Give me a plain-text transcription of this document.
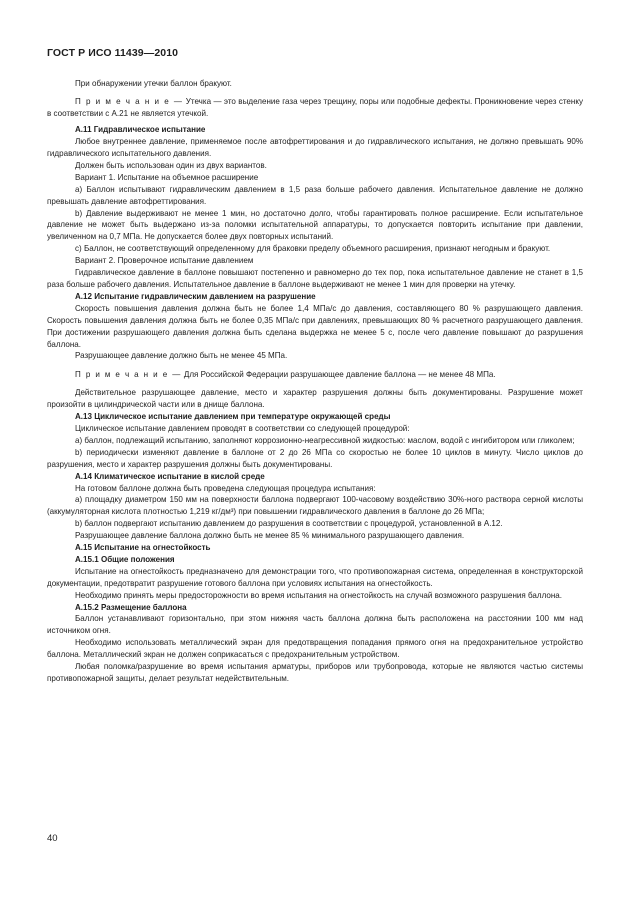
ГОСТ Р ИСО 11439—2010

При обнаружении утечки баллон бракуют.

П р и м е ч а н и е — Утечка — это выделение газа через трещину, поры или подобные дефекты. Проникновение через стенку в соответствии с А.21 не является утечкой.

А.11 Гидравлическое испытание

Любое внутреннее давление, применяемое после автофреттирования и до гидравлического испытания, не должно превышать 90% гидравлического испытательного давления.

Должен быть использован один из двух вариантов.

Вариант 1. Испытание на объемное расширение

a) Баллон испытывают гидравлическим давлением в 1,5 раза больше рабочего давления. Испытательное давление не должно превышать давление автофреттирования.

b) Давление выдерживают не менее 1 мин, но достаточно долго, чтобы гарантировать полное расширение. Если испытательное давление не может быть выдержано из-за поломки испытательной аппаратуры, то допускается повторить испытание при давлении, увеличенном на 0,7 МПа. Не допускается более двух повторных испытаний.

c) Баллон, не соответствующий определенному для браковки пределу объемного расширения, признают негодным и бракуют.

Вариант 2. Проверочное испытание давлением

Гидравлическое давление в баллоне повышают постепенно и равномерно до тех пор, пока испытательное давление не станет в 1,5 раза больше рабочего давления. Испытательное давление в баллоне выдерживают не менее 1 мин для проверки на утечку.

А.12 Испытание гидравлическим давлением на разрушение

Скорость повышения давления должна быть не более 1,4 МПа/с до давления, составляющего 80 % разрушающего давления. Скорость повышения давления должна быть не более 0,35 МПа/с при давлениях, превышающих 80 % расчетного разрушающего давления. При достижении разрушающего давления должна быть сделана выдержка не менее 5 с, после чего давление повышают до разрушения баллона.

Разрушающее давление должно быть не менее 45 МПа.

П р и м е ч а н и е — Для Российской Федерации разрушающее давление баллона — не менее 48 МПа.

Действительное разрушающее давление, место и характер разрушения должны быть документированы. Разрушение может произойти в цилиндрической части или в днище баллона.

А.13 Циклическое испытание давлением при температуре окружающей среды

Циклическое испытание давлением проводят в соответствии со следующей процедурой:

a) баллон, подлежащий испытанию, заполняют коррозионно-неагрессивной жидкостью: маслом, водой с ингибитором или гликолем;

b) периодически изменяют давление в баллоне от 2 до 26 МПа со скоростью не более 10 циклов в минуту. Число циклов до разрушения, место и характер разрушения должны быть документированы.

А.14 Климатическое испытание в кислой среде

На готовом баллоне должна быть проведена следующая процедура испытания:

a) площадку диаметром 150 мм на поверхности баллона подвергают 100-часовому воздействию 30%-ного раствора серной кислоты (аккумуляторная кислота плотностью 1,219 кг/дм³) при повышении гидравлического давления в баллоне до 26 МПа;

b) баллон подвергают испытанию давлением до разрушения в соответствии с процедурой, установленной в А.12.

Разрушающее давление баллона должно быть не менее 85 % минимального разрушающего давления.

А.15 Испытание на огнестойкость

А.15.1 Общие положения

Испытание на огнестойкость предназначено для демонстрации того, что противопожарная система, определенная в конструкторской документации, предотвратит разрушение готового баллона при условиях испытания на огнестойкость.

Необходимо принять меры предосторожности во время испытания на огнестойкость на случай возможного разрушения баллона.

А.15.2 Размещение баллона

Баллон устанавливают горизонтально, при этом нижняя часть баллона должна быть расположена на расстоянии 100 мм над источником огня.

Необходимо использовать металлический экран для предотвращения попадания прямого огня на предохранительное устройство баллона. Металлический экран не должен соприкасаться с предохранительным устройством.

Любая поломка/разрушение во время испытания арматуры, приборов или трубопровода, которые не являются частью системы противопожарной защиты, делает результат недействительным.

40
